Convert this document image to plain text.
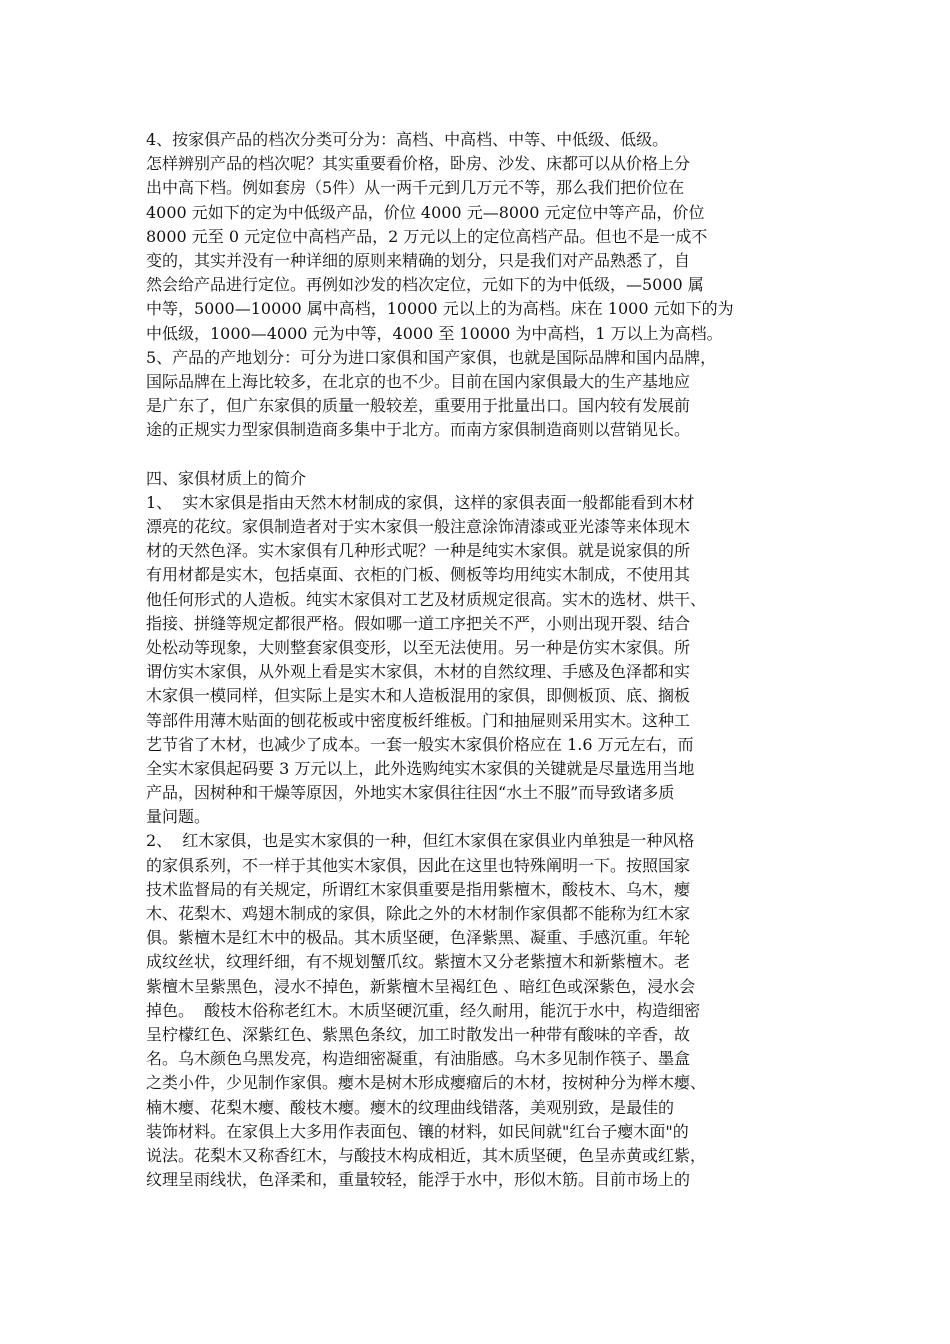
4、按家俱产品的档次分类可分为：高档、中高档、中等、中低级、低级。
怎样辨别产品的档次呢？其实重要看价格，卧房、沙发、床都可以从价格上分
出中高下档。例如套房（5件）从一两千元到几万元不等，那么我们把价位在
4000 元如下的定为中低级产品，价位 4000 元—8000 元定位中等产品，价位
8000 元至 0 元定位中高档产品，2 万元以上的定位高档产品。但也不是一成不
变的，其实并没有一种详细的原则来精确的划分，只是我们对产品熟悉了，自
然会给产品进行定位。再例如沙发的档次定位，元如下的为中低级，—5000 属
中等，5000—10000 属中高档，10000 元以上的为高档。床在 1000 元如下的为
中低级，1000—4000 元为中等，4000 至 10000 为中高档，1 万以上为高档。
5、产品的产地划分：可分为进口家俱和国产家俱，也就是国际品牌和国内品牌，
国际品牌在上海比较多，在北京的也不少。目前在国内家俱最大的生产基地应
是广东了，但广东家俱的质量一般较差，重要用于批量出口。国内较有发展前
途的正规实力型家俱制造商多集中于北方。而南方家俱制造商则以营销见长。
四、家俱材质上的简介
1、  实木家俱是指由天然木材制成的家俱，这样的家俱表面一般都能看到木材
漂亮的花纹。家俱制造者对于实木家俱一般注意涂饰清漆或亚光漆等来体现木
材的天然色泽。实木家俱有几种形式呢？一种是纯实木家俱。就是说家俱的所
有用材都是实木，包括桌面、衣柜的门板、侧板等均用纯实木制成，不使用其
他任何形式的人造板。纯实木家俱对工艺及材质规定很高。实木的选材、烘干、
指接、拼缝等规定都很严格。假如哪一道工序把关不严，小则出现开裂、结合
处松动等现象，大则整套家俱变形，以至无法使用。另一种是仿实木家俱。所
谓仿实木家俱，从外观上看是实木家俱，木材的自然纹理、手感及色泽都和实
木家俱一模同样，但实际上是实木和人造板混用的家俱，即侧板顶、底、搁板
等部件用薄木贴面的刨花板或中密度板纤维板。门和抽屉则采用实木。这种工
艺节省了木材，也减少了成本。一套一般实木家俱价格应在 1.6 万元左右，而
全实木家俱起码要 3 万元以上，此外选购纯实木家俱的关键就是尽量选用当地
产品，因树种和干燥等原因，外地实木家俱往往因“水土不服”而导致诸多质
量问题。
2、  红木家俱，也是实木家俱的一种，但红木家俱在家俱业内单独是一种风格
的家俱系列，不一样于其他实木家俱，因此在这里也特殊阐明一下。按照国家
技术监督局的有关规定，所谓红木家俱重要是指用紫檀木，酸枝木、乌木，瘿
木、花梨木、鸡翅木制成的家俱，除此之外的木材制作家俱都不能称为红木家
俱。紫檀木是红木中的极品。其木质坚硬，色泽紫黑、凝重、手感沉重。年轮
成纹丝状，纹理纤细，有不规划蟹爪纹。紫擅木又分老紫擅木和新紫檀木。老
紫檀木呈紫黑色，浸水不掉色，新紫檀木呈褐红色 、暗红色或深紫色，浸水会
掉色。  酸枝木俗称老红木。木质坚硬沉重，经久耐用，能沉于水中，构造细密
呈柠檬红色、深紫红色、紫黑色条纹，加工时散发出一种带有酸味的辛香，故
名。乌木颜色乌黑发亮，构造细密凝重，有油脂感。乌木多见制作筷子、墨盒
之类小件，少见制作家俱。瘿木是树木形成瘿瘤后的木材，按树种分为榉木瘿、
楠木瘿、花梨木瘿、酸枝木瘿。瘿木的纹理曲线错落，美观别致，是最佳的
装饰材料。在家俱上大多用作表面包、镶的材料，如民间就"红台子瘿木面"的
说法。花梨木又称香红木，与酸技木构成相近，其木质坚硬，色呈赤黄或红紫，
纹理呈雨线状，色泽柔和，重量较轻，能浮于水中，形似木筋。目前市场上的
